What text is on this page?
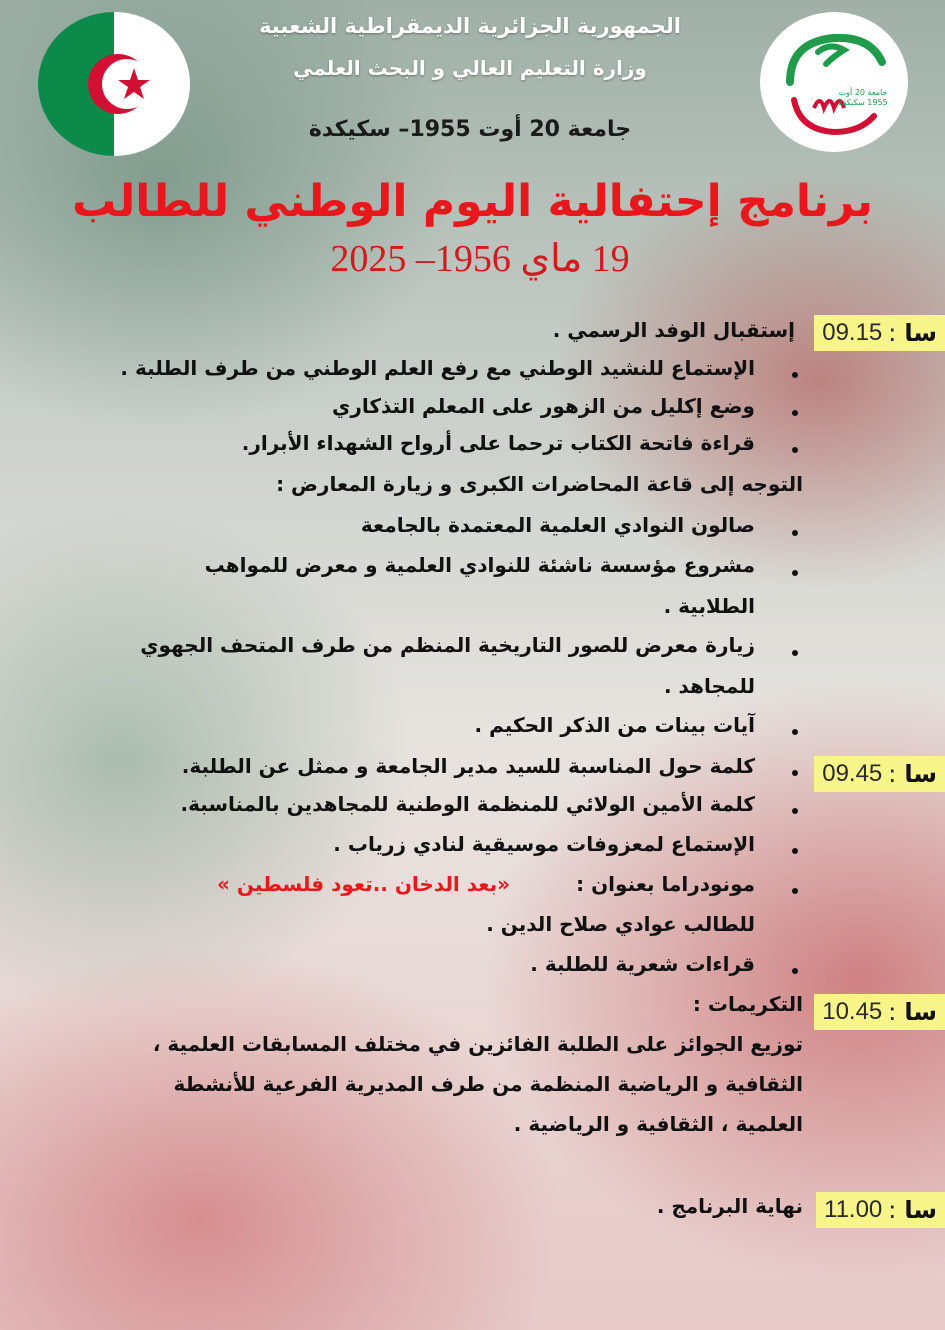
الجمهورية الجزائرية الديمقراطية الشعبية
وزارة التعليم العالي و البحث العلمي
جامعة 20 أوت 1955– سكيكدة
جامعة 20 أوت 1955 سكيكدة
برنامج إحتفالية اليوم الوطني للطالب
19 ماي 1956– 2025
سا
:
09.15
إستقبال الوفد الرسمي .
الإستماع للنشيد الوطني مع رفع العلم الوطني من طرف الطلبة .
وضع إكليل من الزهور على المعلم التذكاري
قراءة فاتحة الكتاب ترحما على أرواح الشهداء الأبرار.
التوجه إلى قاعة المحاضرات الكبرى و زيارة المعارض :
صالون النوادي العلمية المعتمدة بالجامعة
مشروع مؤسسة ناشئة للنوادي العلمية و معرض للمواهب
الطلابية .
زيارة معرض للصور التاريخية المنظم من طرف المتحف الجهوي
للمجاهد .
آيات بينات من الذكر الحكيم .
سا
:
09.45
كلمة حول المناسبة للسيد مدير الجامعة و ممثل عن الطلبة.
كلمة الأمين الولائي للمنظمة الوطنية للمجاهدين بالمناسبة.
الإستماع لمعزوفات موسيقية لنادي زرياب .
مونودراما بعنوان :
«بعد الدخان ..تعود فلسطين »
للطالب عوادي صلاح الدين .
قراءات شعرية للطلبة .
سا
:
10.45
التكريمات :
توزيع الجوائز على الطلبة الفائزين في مختلف المسابقات العلمية ،
الثقافية و الرياضية المنظمة من طرف المديرية الفرعية للأنشطة
العلمية ، الثقافية و الرياضية .
سا
:
11.00
نهاية البرنامج .
